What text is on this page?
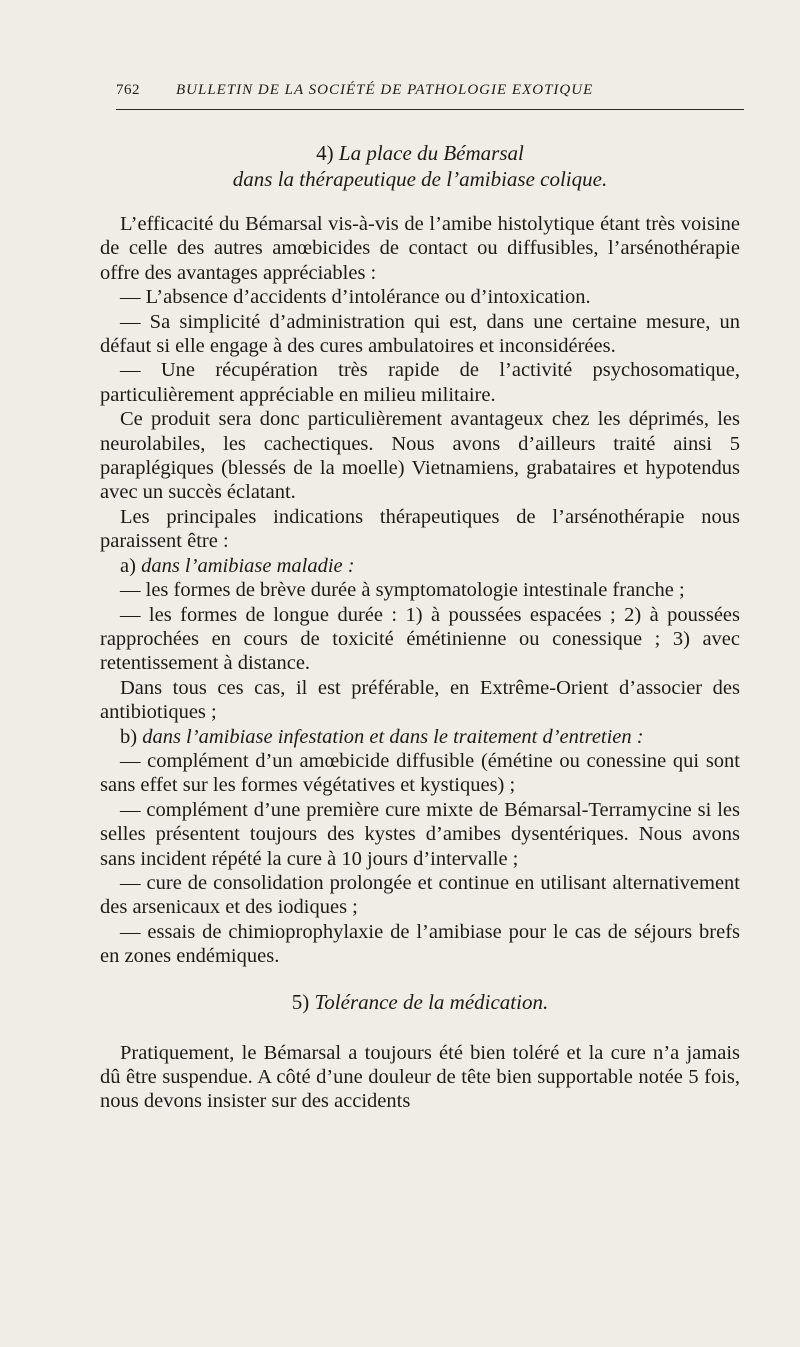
762 BULLETIN DE LA SOCIÉTÉ DE PATHOLOGIE EXOTIQUE
4) La place du Bémarsal
dans la thérapeutique de l’amibiase colique.

L’efficacité du Bémarsal vis-à-vis de l’amibe histolytique étant très voisine de celle des autres amœbicides de contact ou diffusibles, l’arsénothérapie offre des avantages appréciables :

— L’absence d’accidents d’intolérance ou d’intoxication.

— Sa simplicité d’administration qui est, dans une certaine mesure, un défaut si elle engage à des cures ambulatoires et inconsidérées.

— Une récupération très rapide de l’activité psychosomatique, particulièrement appréciable en milieu militaire.

Ce produit sera donc particulièrement avantageux chez les déprimés, les neurolabiles, les cachectiques. Nous avons d’ailleurs traité ainsi 5 paraplégiques (blessés de la moelle) Vietnamiens, grabataires et hypotendus avec un succès éclatant.

Les principales indications thérapeutiques de l’arsénothérapie nous paraissent être :

a) dans l’amibiase maladie :

— les formes de brève durée à symptomatologie intestinale franche ;

— les formes de longue durée : 1) à poussées espacées ; 2) à poussées rapprochées en cours de toxicité émétinienne ou conessique ; 3) avec retentissement à distance.

Dans tous ces cas, il est préférable, en Extrême-Orient d’associer des antibiotiques ;

b) dans l’amibiase infestation et dans le traitement d’entretien :

— complément d’un amœbicide diffusible (émétine ou conessine qui sont sans effet sur les formes végétatives et kystiques) ;

— complément d’une première cure mixte de Bémarsal-Terramycine si les selles présentent toujours des kystes d’amibes dysentériques. Nous avons sans incident répété la cure à 10 jours d’intervalle ;

— cure de consolidation prolongée et continue en utilisant alternativement des arsenicaux et des iodiques ;

— essais de chimioprophylaxie de l’amibiase pour le cas de séjours brefs en zones endémiques.

5) Tolérance de la médication.

Pratiquement, le Bémarsal a toujours été bien toléré et la cure n’a jamais dû être suspendue. A côté d’une douleur de tête bien supportable notée 5 fois, nous devons insister sur des accidents
